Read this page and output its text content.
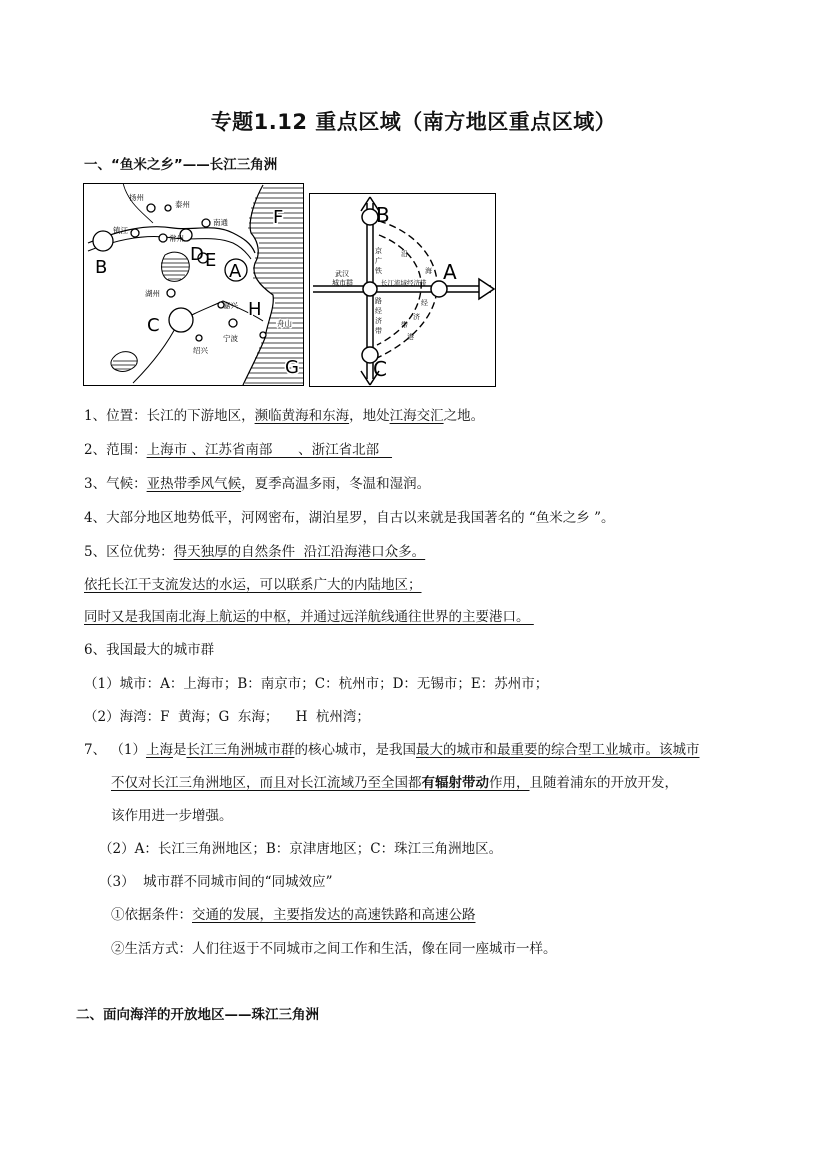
专题1.12 重点区域（南方地区重点区域）
一、“鱼米之乡”——长江三角洲
B
C
D E
A
F
H
G
扬州
泰州
南通
镇江
常州
湖州
嘉兴
舟山
宁波
绍兴
B
A
C
武汉
城市群
京
广
铁
路
经
济
带
长江流域经济带
沿
海
经
济
带
港
1、位置：长江的下游地区，濒临黄海和东海，地处江海交汇之地。
2、范围：上海市 、江苏省南部      、浙江省北部
3、气候：亚热带季风气候，夏季高温多雨，冬温和湿润。
4、大部分地区地势低平，河网密布，湖泊星罗，自古以来就是我国著名的 “鱼米之乡 ”。
5、区位优势：得天独厚的自然条件  沿江沿海港口众多。
依托长江干支流发达的水运，可以联系广大的内陆地区；
同时又是我国南北海上航运的中枢，并通过远洋航线通往世界的主要港口。
6、我国最大的城市群
（1）城市：A：上海市；B：南京市；C：杭州市；D：无锡市；E：苏州市；
（2）海湾：F  黄海；G  东海；    H  杭州湾；
7、 （1）上海是长江三角洲城市群的核心城市，是我国最大的城市和最重要的综合型工业城市。该城市
不仅对长江三角洲地区，而且对长江流域乃至全国都有辐射带动作用，且随着浦东的开放开发，
该作用进一步增强。
（2）A：长江三角洲地区；B：京津唐地区；C：珠江三角洲地区。
（3）  城市群不同城市间的“同城效应”
①依据条件：交通的发展，主要指发达的高速铁路和高速公路
②生活方式：人们往返于不同城市之间工作和生活，像在同一座城市一样。
二、面向海洋的开放地区——珠江三角洲
